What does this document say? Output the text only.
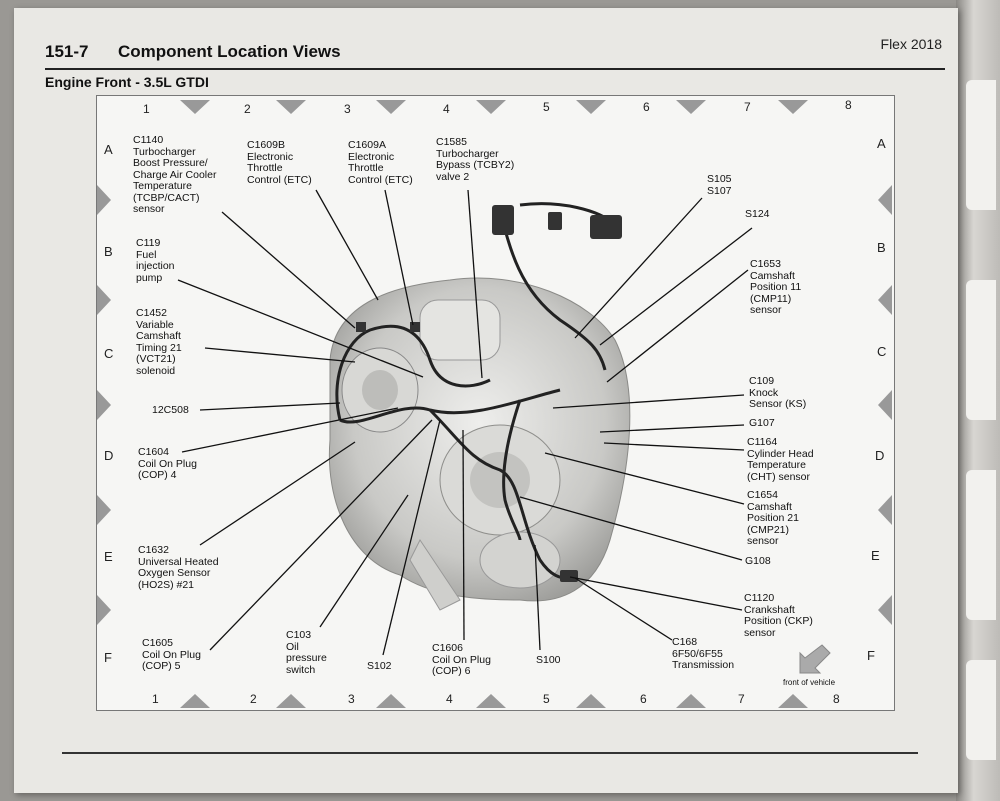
151-7 Component Location Views	Flex 2018
Engine Front - 3.5L GTDI
1	2	3	4	5	6	7	8
1	2	3	4	5	6	7	8
A
B
C
D
E
F
A
B
C
D
E
F
C1140
Turbocharger
Boost Pressure/
Charge Air Cooler
Temperature
(TCBP/CACT)
sensor
C1609B
Electronic
Throttle
Control (ETC)
C1609A
Electronic
Throttle
Control (ETC)
C1585
Turbocharger
Bypass (TCBY2)
valve 2	S105
S107
S124
C1653
Camshaft
Position 11
(CMP11)
sensor
C119
Fuel
injection
pump
C1452
Variable
Camshaft
Timing 21
(VCT21)
solenoid
12C508
C109
Knock
Sensor (KS)
G107
C1164
Cylinder Head
Temperature
(CHT) sensor
C1604
Coil On Plug
(COP) 4
C1654
Camshaft
Position 21
(CMP21)
sensor
C1632
Universal Heated
Oxygen Sensor
(HO2S) #21
G108
C1120
Crankshaft
Position (CKP)
sensor
C1605
Coil On Plug
(COP) 5
C103
Oil
pressure
switch	S102
C1606
Coil On Plug
(COP) 6
S100
C168
6F50/6F55
Transmission
front of vehicle
